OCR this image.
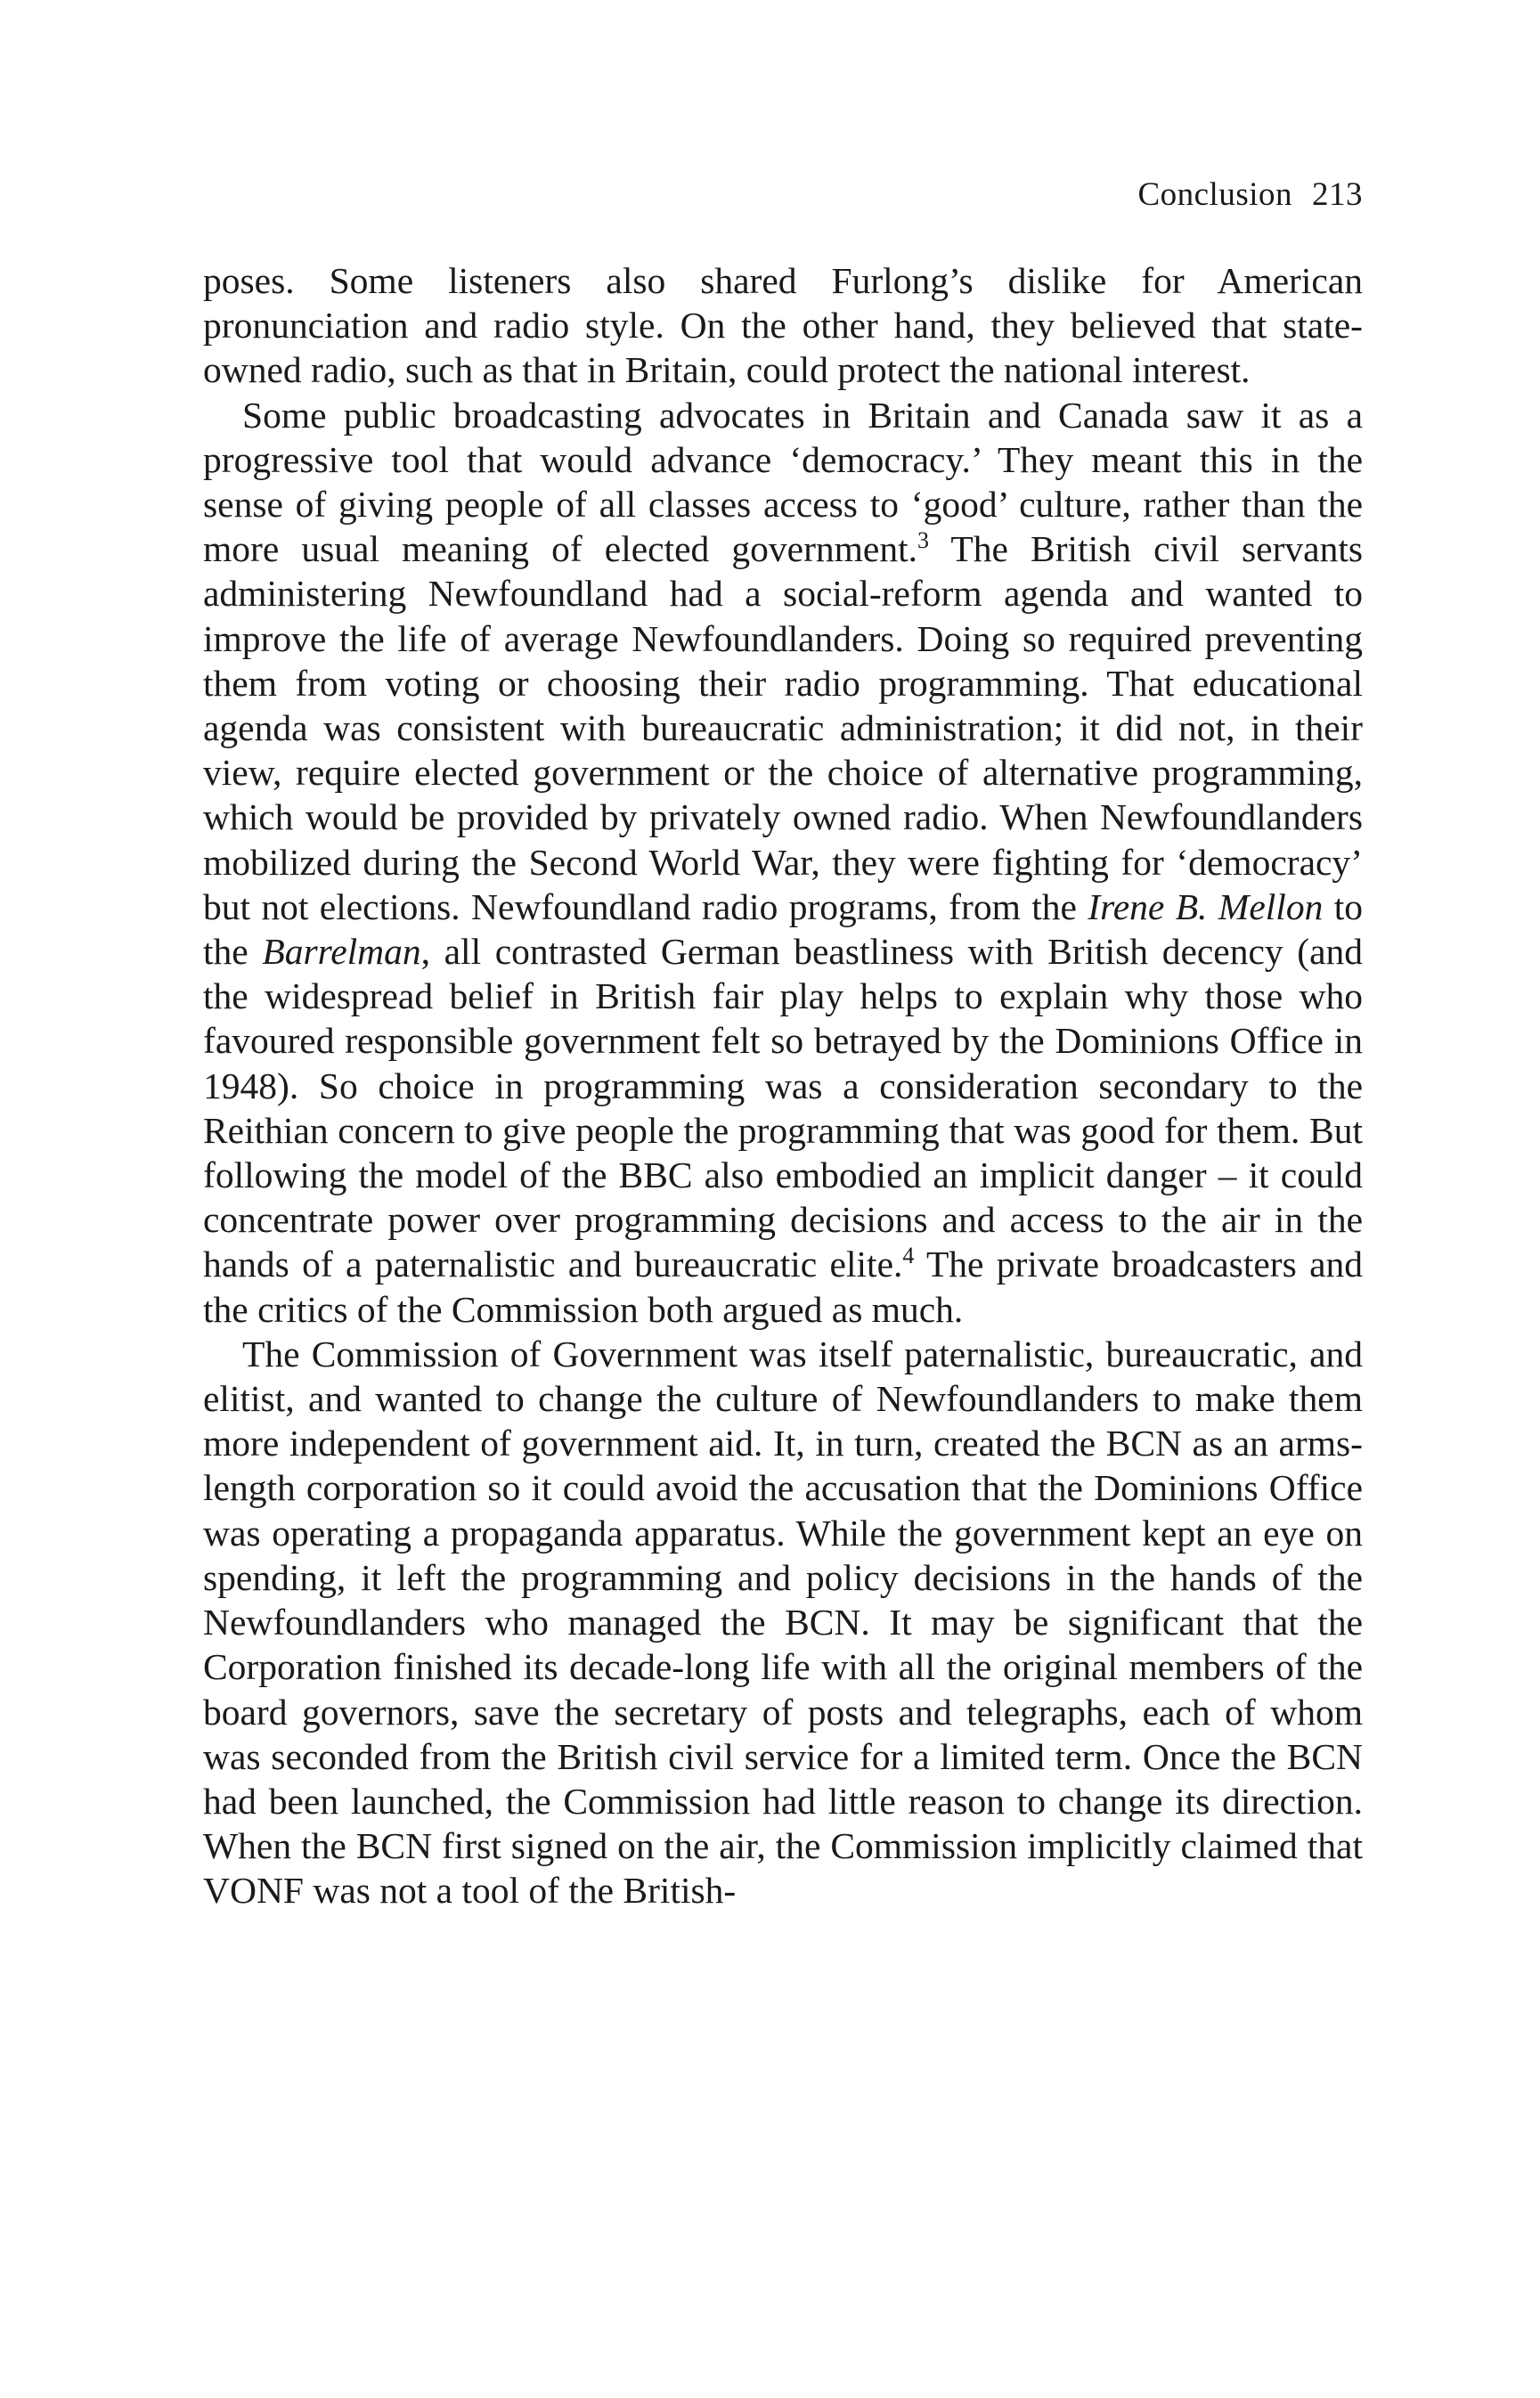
Conclusion 213

poses. Some listeners also shared Furlong’s dislike for American pronunciation and radio style. On the other hand, they believed that state-owned radio, such as that in Britain, could protect the national interest.

Some public broadcasting advocates in Britain and Canada saw it as a progressive tool that would advance ‘democracy.’ They meant this in the sense of giving people of all classes access to ‘good’ culture, rather than the more usual meaning of elected government.$^3$ The British civil servants administering Newfoundland had a social-reform agenda and wanted to improve the life of average Newfoundlanders. Doing so required preventing them from voting or choosing their radio programming. That educational agenda was consistent with bureaucratic administration; it did not, in their view, require elected government or the choice of alternative programming, which would be provided by privately owned radio. When Newfoundlanders mobilized during the Second World War, they were fighting for ‘democracy’ but not elections. Newfoundland radio programs, from the Irene B. Mellon to the Barrelman, all contrasted German beastliness with British decency (and the widespread belief in British fair play helps to explain why those who favoured responsible government felt so betrayed by the Dominions Office in 1948). So choice in programming was a consideration secondary to the Reithian concern to give people the programming that was good for them. But following the model of the BBC also embodied an implicit danger – it could concentrate power over programming decisions and access to the air in the hands of a paternalistic and bureaucratic elite.$^4$ The private broadcasters and the critics of the Commission both argued as much.

The Commission of Government was itself paternalistic, bureaucratic, and elitist, and wanted to change the culture of Newfoundlanders to make them more independent of government aid. It, in turn, created the BCN as an arms-length corporation so it could avoid the accusation that the Dominions Office was operating a propaganda apparatus. While the government kept an eye on spending, it left the programming and policy decisions in the hands of the Newfoundlanders who managed the BCN. It may be significant that the Corporation finished its decade-long life with all the original members of the board governors, save the secretary of posts and telegraphs, each of whom was seconded from the British civil service for a limited term. Once the BCN had been launched, the Commission had little reason to change its direction. When the BCN first signed on the air, the Commission implicitly claimed that VONF was not a tool of the British-
